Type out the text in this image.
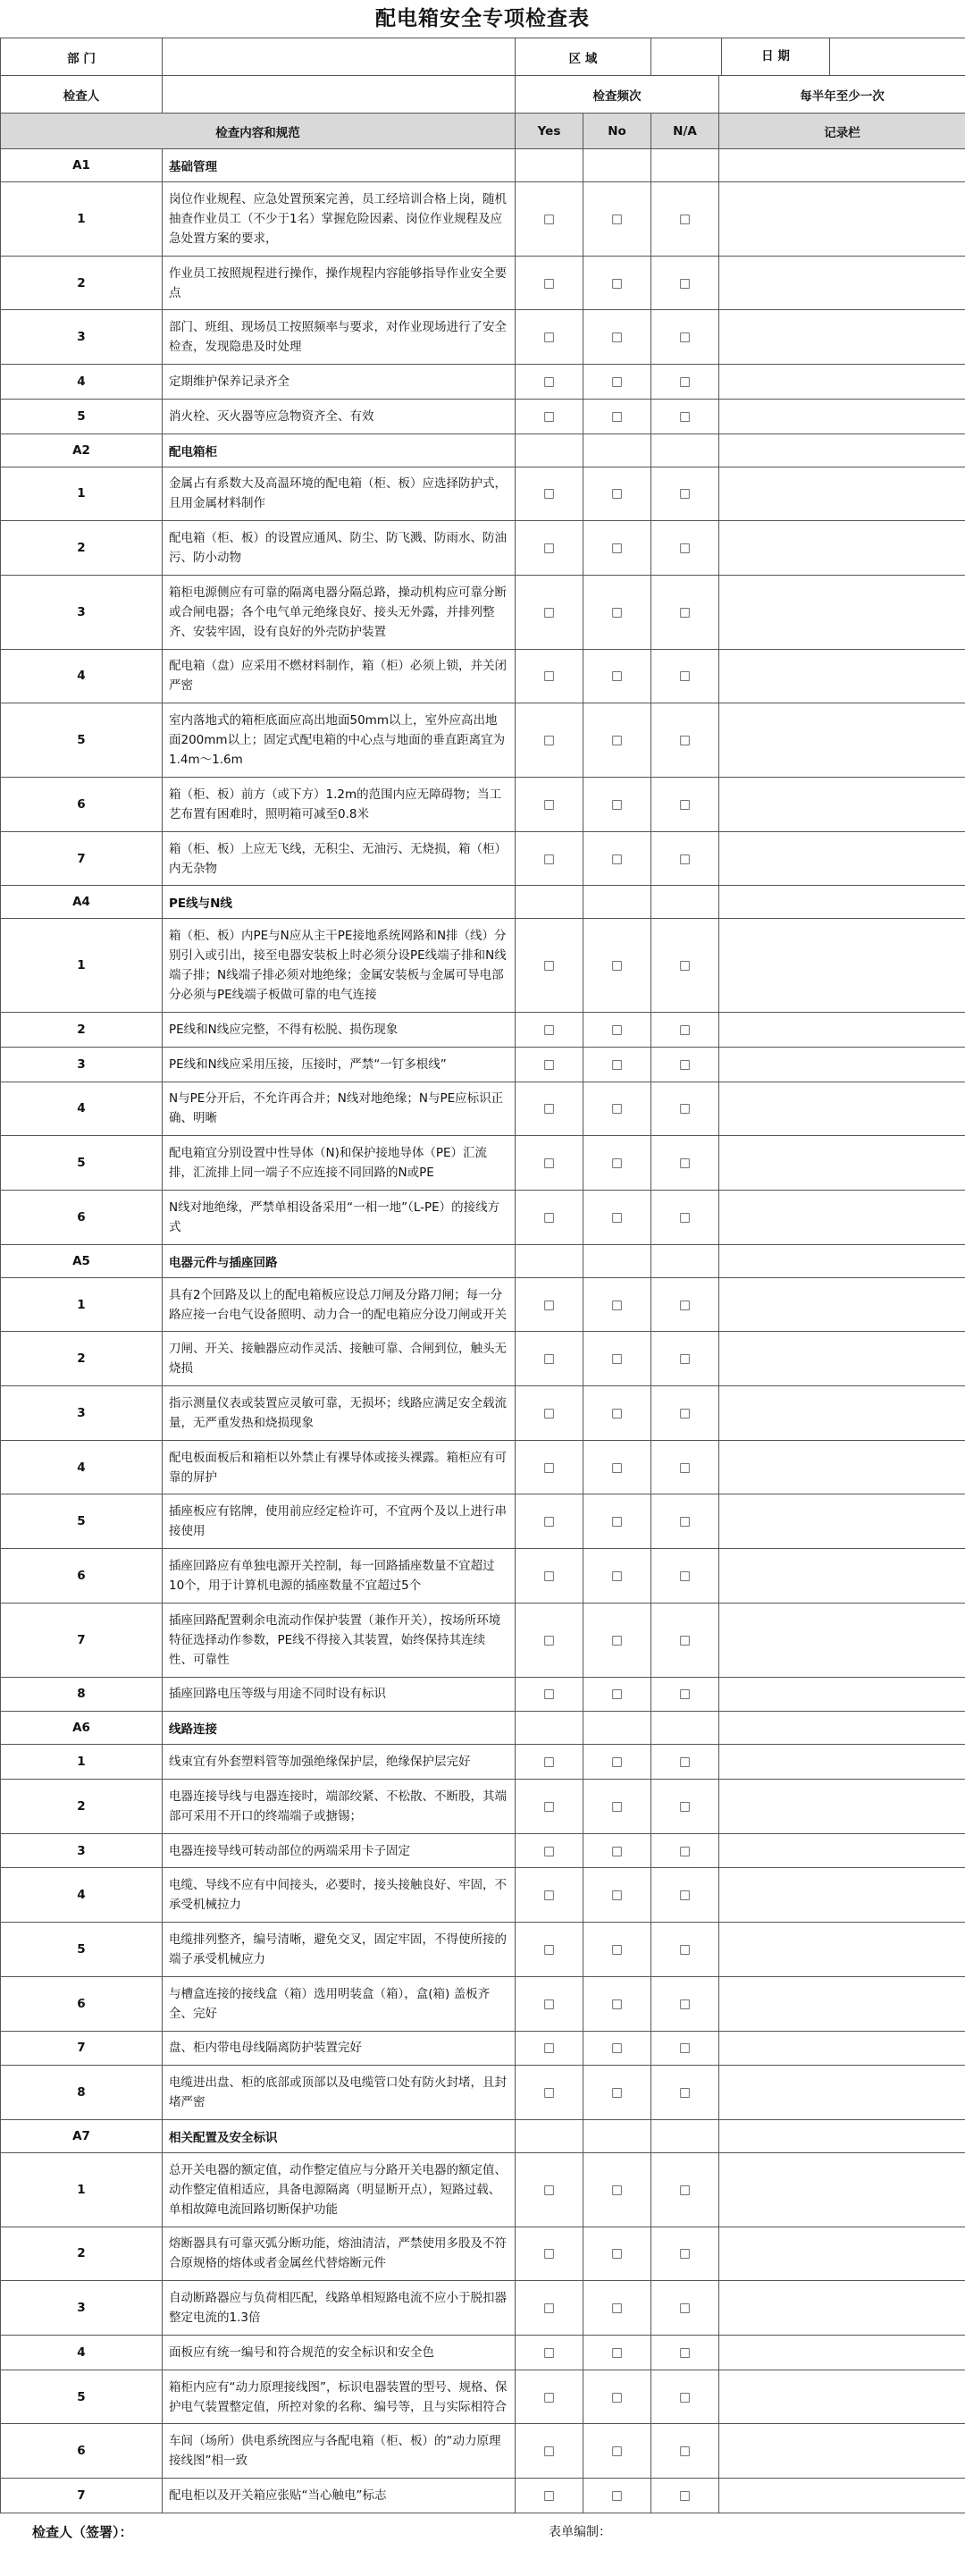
配电箱安全专项检查表
部 门		区 域		日 期	

检查人		检查频次			每半年至少一次
检查内容和规范		Yes	No	N/A	记录栏
A1	基础管理				
1	岗位作业规程、应急处置预案完善，员工经培训合格上岗，随机抽查作业员工（不少于1名）掌握危险因素、岗位作业规程及应急处置方案的要求，	□	□	□	
2	作业员工按照规程进行操作，操作规程内容能够指导作业安全要点	□	□	□	
3	部门、班组、现场员工按照频率与要求，对作业现场进行了安全检查，发现隐患及时处理	□	□	□	
4	定期维护保养记录齐全	□	□	□	
5	消火栓、灭火器等应急物资齐全、有效	□	□	□	
A2	配电箱柜				
1	金属占有系数大及高温环境的配电箱（柜、板）应选择防护式，且用金属材料制作	□	□	□	
2	配电箱（柜、板）的设置应通风、防尘、防飞溅、防雨水、防油污、防小动物	□	□	□	
3	箱柜电源侧应有可靠的隔离电器分隔总路，操动机构应可靠分断或合闸电器；各个电气单元绝缘良好、接头无外露，并排列整齐、安装牢固，设有良好的外壳防护装置	□	□	□	
4	配电箱（盘）应采用不燃材料制作，箱（柜）必须上锁，并关闭严密	□	□	□	
5	室内落地式的箱柜底面应高出地面50mm以上，室外应高出地面200mm以上；固定式配电箱的中心点与地面的垂直距离宜为1.4m～1.6m	□	□	□	
6	箱（柜、板）前方（或下方）1.2m的范围内应无障碍物；当工艺布置有困难时，照明箱可减至0.8米	□	□	□	
7	箱（柜、板）上应无飞线，无积尘、无油污、无烧损，箱（柜）内无杂物	□	□	□	
A4	PE线与N线				
1	箱（柜、板）内PE与N应从主干PE接地系统网路和N排（线）分别引入或引出，接至电器安装板上时必须分设PE线端子排和N线端子排；N线端子排必须对地绝缘；金属安装板与金属可导电部分必须与PE线端子板做可靠的电气连接	□	□	□	
2	PE线和N线应完整，不得有松脱、损伤现象	□	□	□	
3	PE线和N线应采用压接，压接时，严禁“一钉多根线”	□	□	□	
4	N与PE分开后，不允许再合并；N线对地绝缘；N与PE应标识正确、明晰	□	□	□	
5	配电箱宜分别设置中性导体（N)和保护接地导体（PE）汇流排，汇流排上同一端子不应连接不同回路的N或PE	□	□	□	
6	N线对地绝缘，严禁单相设备采用“一相一地”（L-PE）的接线方式	□	□	□	
A5	电器元件与插座回路				
1	具有2个回路及以上的配电箱板应设总刀闸及分路刀闸；每一分路应接一台电气设备照明、动力合一的配电箱应分设刀闸或开关	□	□	□	
2	刀闸、开关、接触器应动作灵活、接触可靠、合闸到位，触头无烧损	□	□	□	
3	指示测量仪表或装置应灵敏可靠，无损坏；线路应满足安全载流量，无严重发热和烧损现象	□	□	□	
4	配电板面板后和箱柜以外禁止有裸导体或接头裸露。箱柜应有可靠的屏护	□	□	□	
5	插座板应有铭牌，使用前应经定检许可，不宜两个及以上进行串接使用	□	□	□	
6	插座回路应有单独电源开关控制，每一回路插座数量不宜超过10个，用于计算机电源的插座数量不宜超过5个	□	□	□	
7	插座回路配置剩余电流动作保护装置（兼作开关），按场所环境特征选择动作参数，PE线不得接入其装置，始终保持其连续性、可靠性	□	□	□	
8	插座回路电压等级与用途不同时设有标识	□	□	□	
A6	线路连接				
1	线束宜有外套塑料管等加强绝缘保护层，绝缘保护层完好	□	□	□	
2	电器连接导线与电器连接时，端部绞紧、不松散、不断股，其端部可采用不开口的终端端子或搪锡；	□	□	□	
3	电器连接导线可转动部位的两端采用卡子固定	□	□	□	
4	电缆、导线不应有中间接头，必要时，接头接触良好、牢固，不承受机械拉力	□	□	□	
5	电缆排列整齐，编号清晰，避免交叉，固定牢固，不得使所接的端子承受机械应力	□	□	□	
6	与槽盒连接的接线盒（箱）选用明装盒（箱），盒(箱) 盖板齐全、完好	□	□	□	
7	盘、柜内带电母线隔离防护装置完好	□	□	□	
8	电缆进出盘、柜的底部或顶部以及电缆管口处有防火封堵，且封堵严密	□	□	□	
A7	相关配置及安全标识				
1	总开关电器的额定值，动作整定值应与分路开关电器的额定值、动作整定值相适应，具备电源隔离（明显断开点），短路过载、单相故障电流回路切断保护功能	□	□	□	
2	熔断器具有可靠灭弧分断功能，熔油清洁，严禁使用多股及不符合原规格的熔体或者金属丝代替熔断元件	□	□	□	
3	自动断路器应与负荷相匹配，线路单相短路电流不应小于脱扣器整定电流的1.3倍	□	□	□	
4	面板应有统一编号和符合规范的安全标识和安全色	□	□	□	
5	箱柜内应有“动力原理接线图”，标识电器装置的型号、规格、保护电气装置整定值，所控对象的名称、编号等，且与实际相符合	□	□	□	
6	车间（场所）供电系统图应与各配电箱（柜、板）的“动力原理接线图”相一致	□	□	□	
7	配电柜以及开关箱应张贴“当心触电”标志	□	□	□	
检查人（签署）：	表单编制：
